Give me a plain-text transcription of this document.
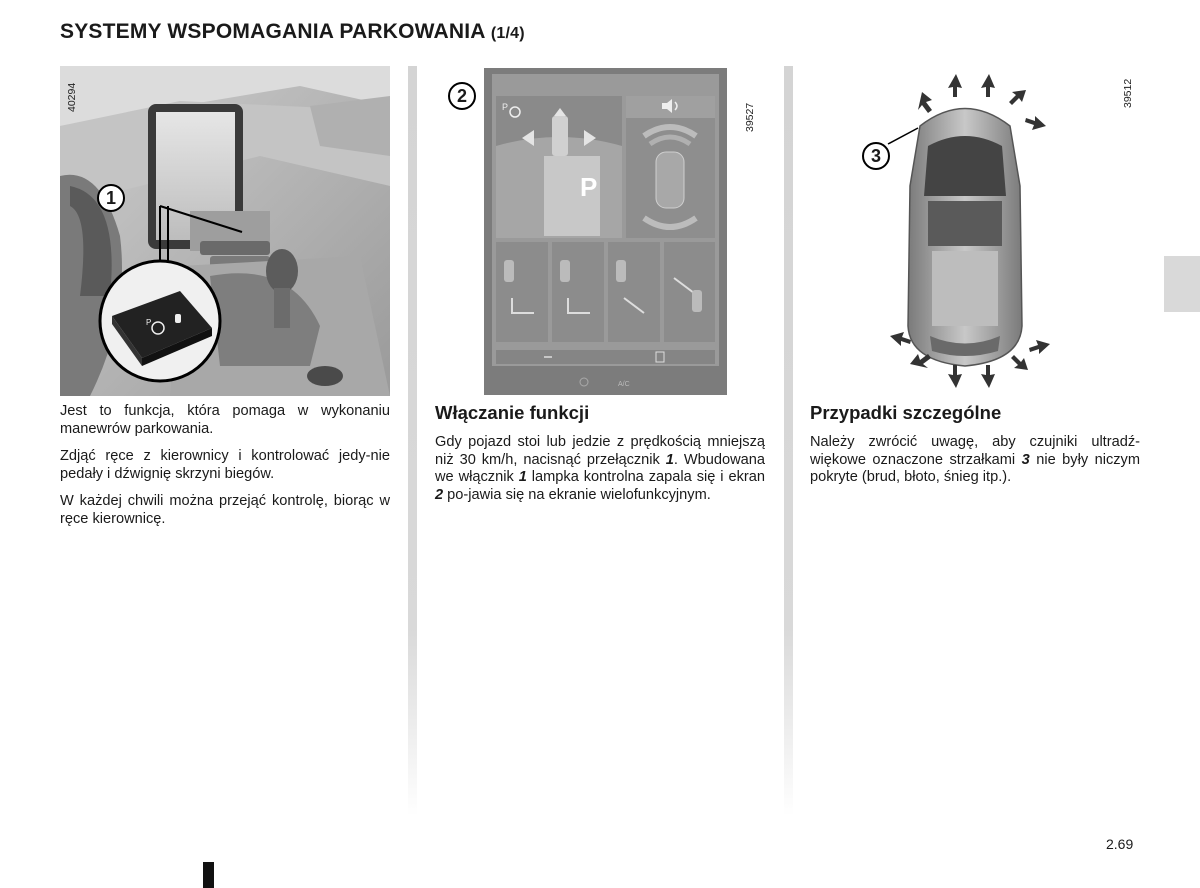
SYSTEMY WSPOMAGANIA PARKOWANIA (1/4)
P
1
40294
P
P
A/C
2
39527
3
39512

Jest to funkcja, która pomaga w wykonaniu manewrów parkowania.

Zdjąć ręce z kierownicy i kontrolować jedy-nie pedały i dźwignię skrzyni biegów.

W każdej chwili można przejąć kontrolę, biorąc w ręce kierownicę.

Włączanie funkcji

Gdy pojazd stoi lub jedzie z prędkością mniejszą niż 30 km/h, nacisnąć przełącznik 1. Wbudowana we włącznik 1 lampka kontrolna zapala się i ekran 2 po-jawia się na ekranie wielofunkcyjnym.

Przypadki szczególne

Należy zwrócić uwagę, aby czujniki ultradź-więkowe oznaczone strzałkami 3 nie były niczym pokryte (brud, błoto, śnieg itp.).

2.69
